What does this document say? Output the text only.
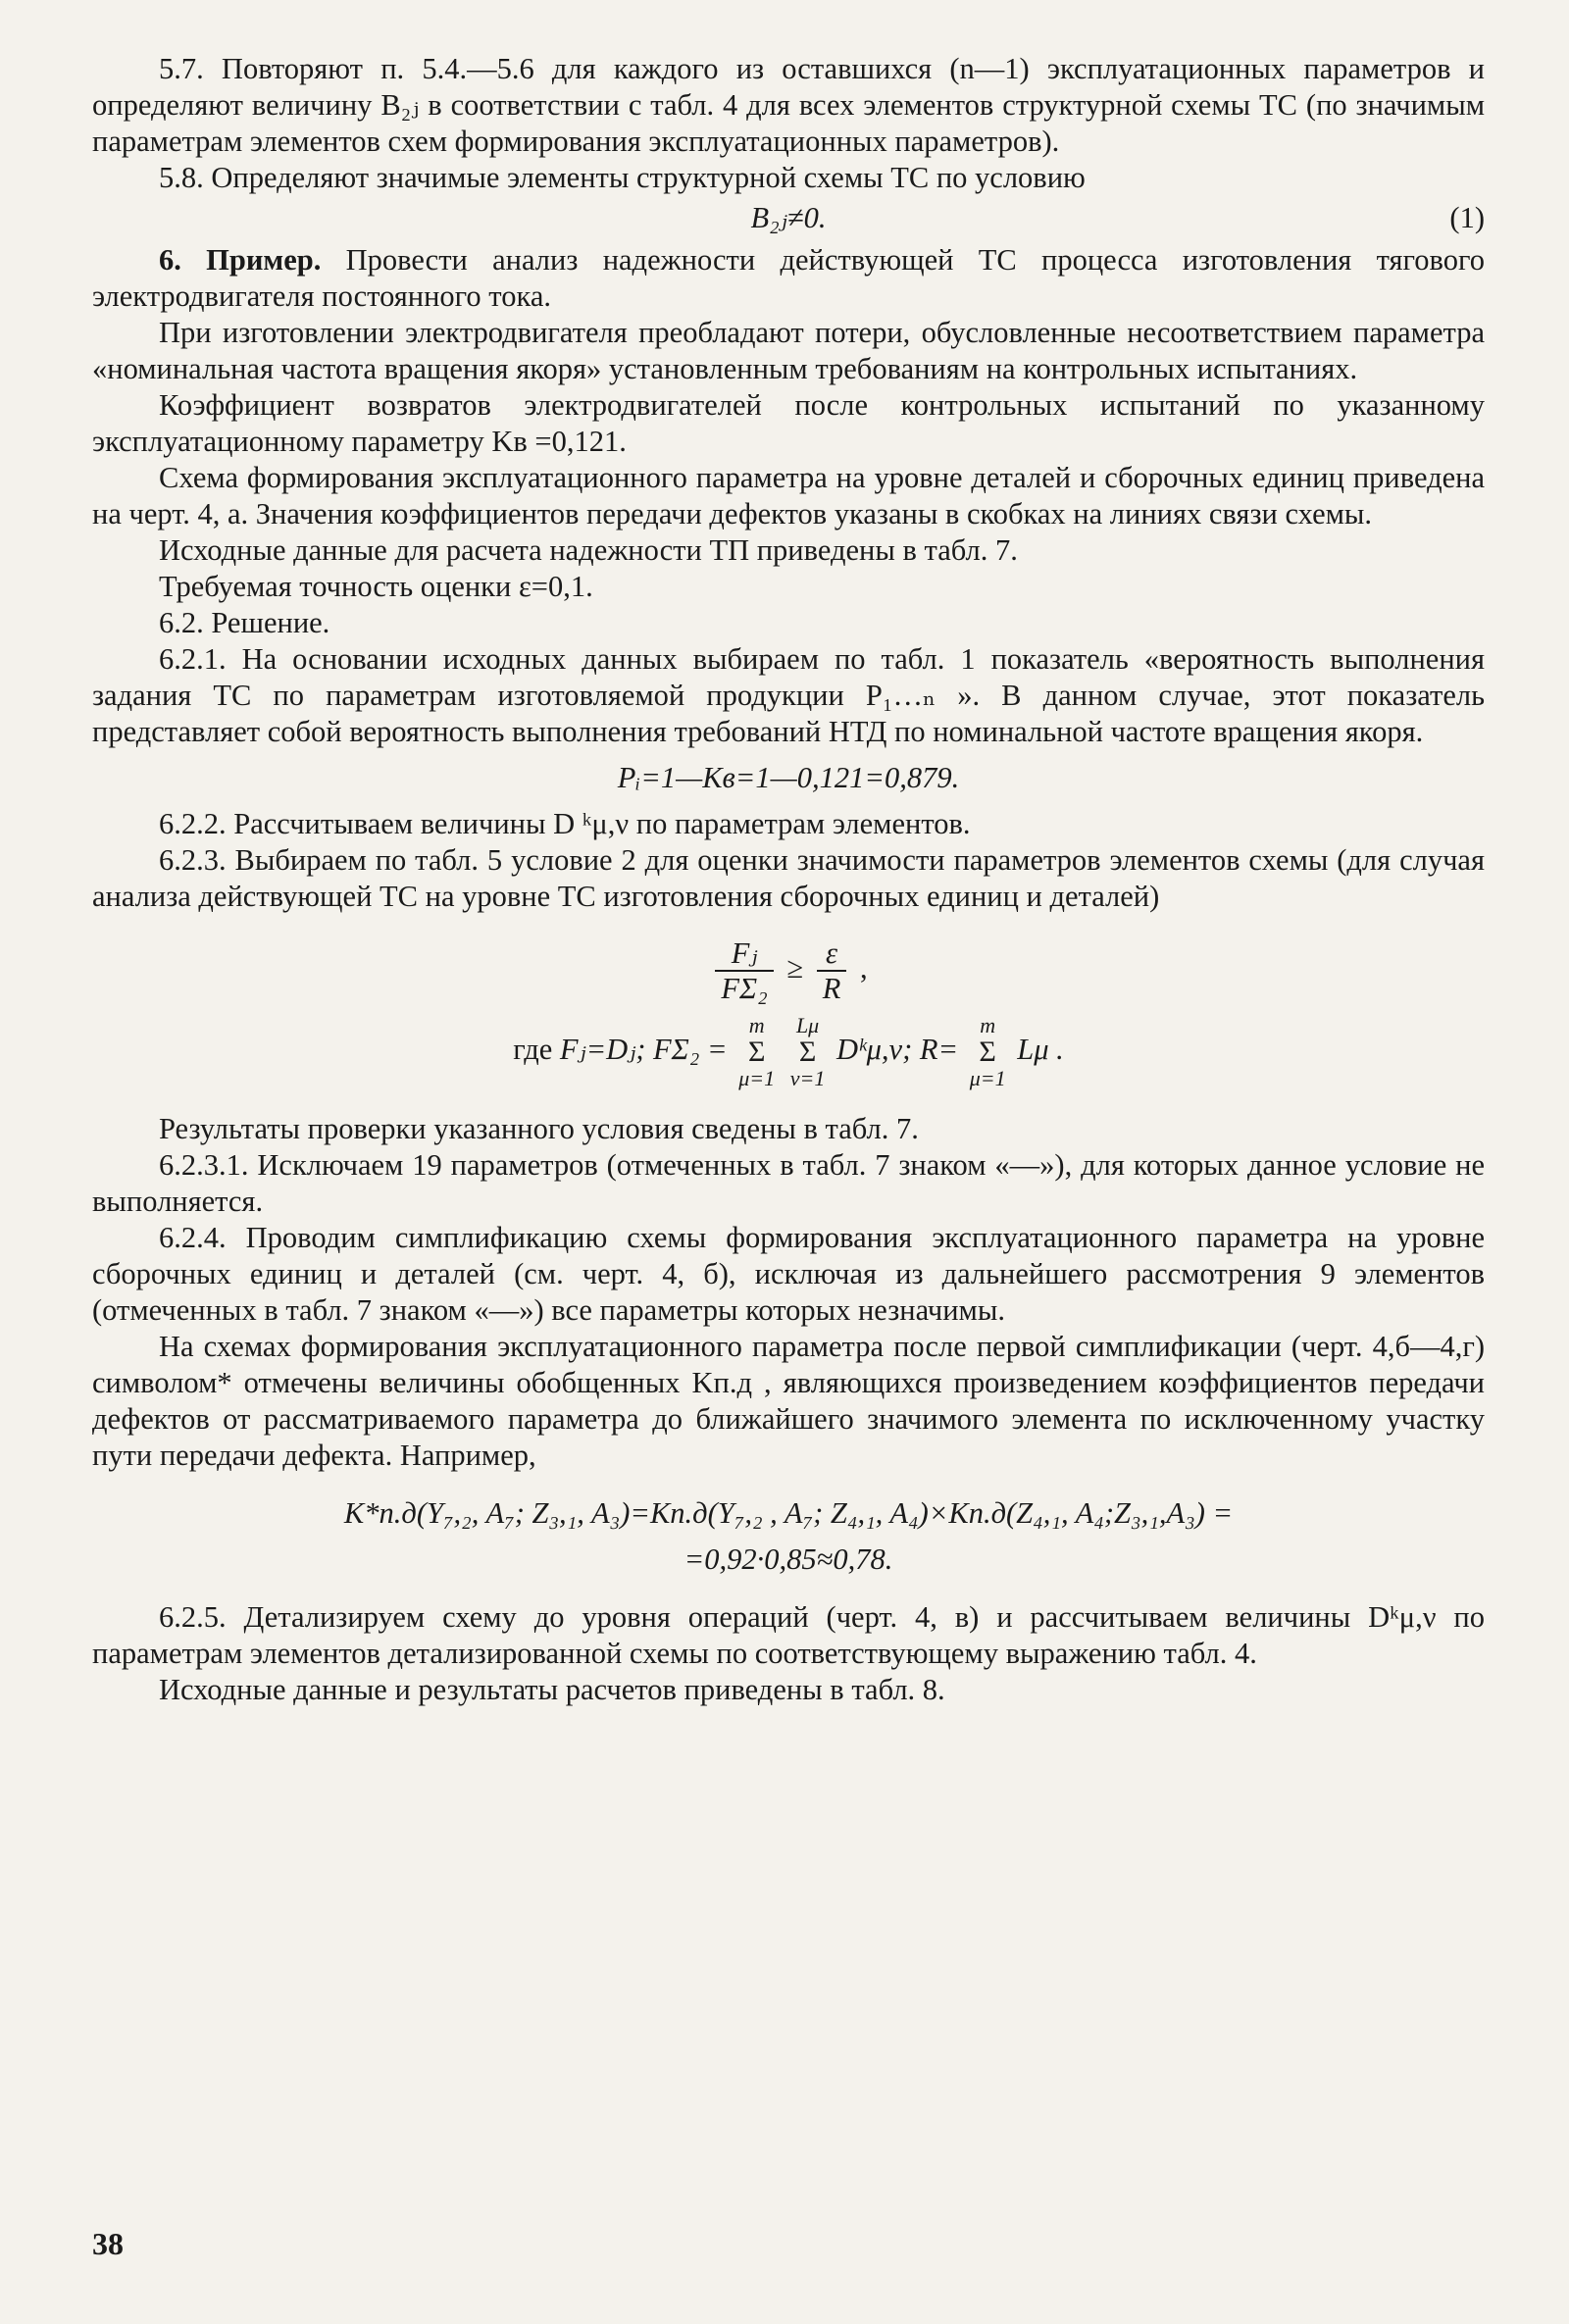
5.7. Повторяют п. 5.4.—5.6 для каждого из оставшихся (n—1) эксплуатационных параметров и определяют величину B₂ⱼ в соответствии с табл. 4 для всех элементов структурной схемы ТС (по значимым параметрам элементов схем формирования эксплуатационных параметров).

5.8. Определяют значимые элементы структурной схемы ТС по условию

B₂ⱼ≠0.	(1)

6. Пример. Провести анализ надежности действующей ТС процесса изготовления тягового электродвигателя постоянного тока.

При изготовлении электродвигателя преобладают потери, обусловленные несоответствием параметра «номинальная частота вращения якоря» установленным требованиям на контрольных испытаниях.

Коэффициент возвратов электродвигателей после контрольных испытаний по указанному эксплуатационному параметру Kв =0,121.

Схема формирования эксплуатационного параметра на уровне деталей и сборочных единиц приведена на черт. 4, а. Значения коэффициентов передачи дефектов указаны в скобках на линиях связи схемы.

Исходные данные для расчета надежности ТП приведены в табл. 7.

Требуемая точность оценки ε=0,1.

6.2. Решение.

6.2.1. На основании исходных данных выбираем по табл. 1 показатель «вероятность выполнения задания ТС по параметрам изготовляемой продукции P₁…ₙ ». В данном случае, этот показатель представляет собой вероятность выполнения требований НТД по номинальной частоте вращения якоря.

Pᵢ=1—Kв=1—0,121=0,879.

6.2.2. Рассчитываем величины D ᵏμ,ν по параметрам элементов.

6.2.3. Выбираем по табл. 5 условие 2 для оценки значимости параметров элементов схемы (для случая анализа действующей ТС на уровне ТС изготовления сборочных единиц и деталей)

$\frac{\text{Fⱼ}}{\text{FΣ₂}} \ge \frac{\varepsilon}{R}$ ,
где Fⱼ=Dⱼ; FΣ₂ =
m
Σ
μ=1

Lμ
Σ
ν=1
Dᵏμ,ν; R=
m
Σ
μ=1
Lμ .

Результаты проверки указанного условия сведены в табл. 7.

6.2.3.1. Исключаем 19 параметров (отмеченных в табл. 7 знаком «—»), для которых данное условие не выполняется.

6.2.4. Проводим симплификацию схемы формирования эксплуатационного параметра на уровне сборочных единиц и деталей (см. черт. 4, б), исключая из дальнейшего рассмотрения 9 элементов (отмеченных в табл. 7 знаком «—») все параметры которых незначимы.

На схемах формирования эксплуатационного параметра после первой симплификации (черт. 4,б—4,г) символом* отмечены величины обобщенных Kп.д , являющихся произведением коэффициентов передачи дефектов от рассматриваемого параметра до ближайшего значимого элемента по исключенному участку пути передачи дефекта. Например,

K*п.д(Y₇,₂, A₇; Z₃,₁, A₃)=Kп.д(Y₇,₂ , A₇; Z₄,₁, A₄)×Kп.д(Z₄,₁, A₄;Z₃,₁,A₃) =

=0,92·0,85≈0,78.

6.2.5. Детализируем схему до уровня операций (черт. 4, в) и рассчитываем величины Dᵏμ,ν по параметрам элементов детализированной схемы по соответствующему выражению табл. 4.

Исходные данные и результаты расчетов приведены в табл. 8.

38
